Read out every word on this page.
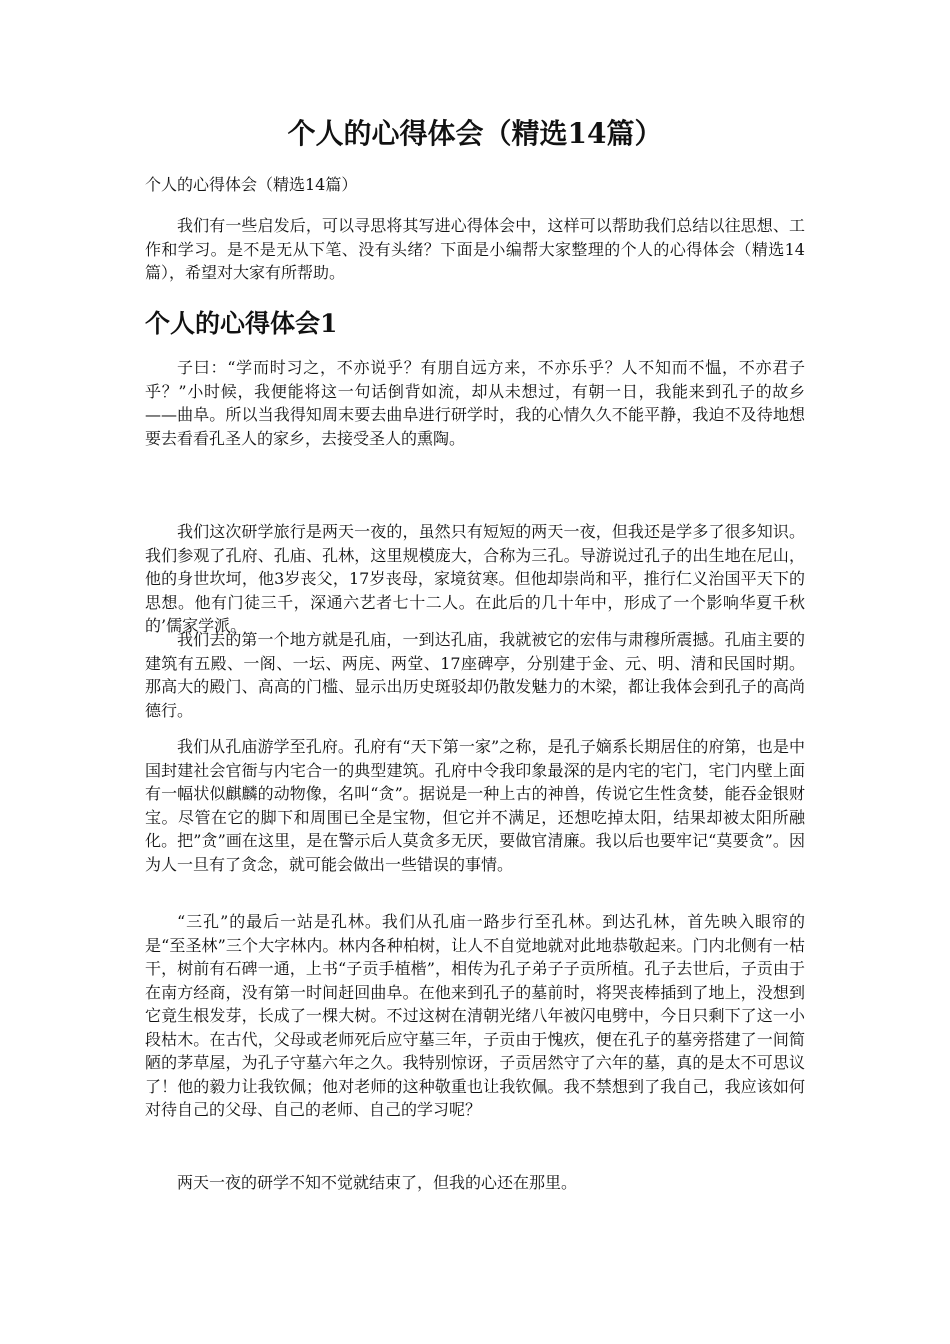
个人的心得体会（精选14篇）

个人的心得体会（精选14篇）

我们有一些启发后，可以寻思将其写进心得体会中，这样可以帮助我们总结以往思想、工作和学习。是不是无从下笔、没有头绪？下面是小编帮大家整理的个人的心得体会（精选14篇），希望对大家有所帮助。

个人的心得体会1

子曰：“学而时习之，不亦说乎？有朋自远方来，不亦乐乎？人不知而不愠，不亦君子乎？”小时候，我便能将这一句话倒背如流，却从未想过，有朝一日，我能来到孔子的故乡——曲阜。所以当我得知周末要去曲阜进行研学时，我的心情久久不能平静，我迫不及待地想要去看看孔圣人的家乡，去接受圣人的熏陶。

我们这次研学旅行是两天一夜的，虽然只有短短的两天一夜，但我还是学多了很多知识。我们参观了孔府、孔庙、孔林，这里规模庞大，合称为三孔。导游说过孔子的出生地在尼山，他的身世坎坷，他3岁丧父，17岁丧母，家境贫寒。但他却崇尚和平，推行仁义治国平天下的思想。他有门徒三千，深通六艺者七十二人。在此后的几十年中，形成了一个影响华夏千秋的’儒家学派。

我们去的第一个地方就是孔庙，一到达孔庙，我就被它的宏伟与肃穆所震撼。孔庙主要的建筑有五殿、一阁、一坛、两庑、两堂、17座碑亭，分别建于金、元、明、清和民国时期。那高大的殿门、高高的门槛、显示出历史斑驳却仍散发魅力的木梁，都让我体会到孔子的高尚德行。

我们从孔庙游学至孔府。孔府有“天下第一家”之称，是孔子嫡系长期居住的府第，也是中国封建社会官衙与内宅合一的典型建筑。孔府中令我印象最深的是内宅的宅门，宅门内壁上面有一幅状似麒麟的动物像，名叫“贪”。据说是一种上古的神兽，传说它生性贪婪，能吞金银财宝。尽管在它的脚下和周围已全是宝物，但它并不满足，还想吃掉太阳，结果却被太阳所融化。把”贪”画在这里，是在警示后人莫贪多无厌，要做官清廉。我以后也要牢记“莫要贪”。因为人一旦有了贪念，就可能会做出一些错误的事情。

“三孔”的最后一站是孔林。我们从孔庙一路步行至孔林。到达孔林，首先映入眼帘的是“至圣林”三个大字林内。林内各种柏树，让人不自觉地就对此地恭敬起来。门内北侧有一枯干，树前有石碑一通，上书“子贡手植楷”，相传为孔子弟子子贡所植。孔子去世后，子贡由于在南方经商，没有第一时间赶回曲阜。在他来到孔子的墓前时，将哭丧棒插到了地上，没想到它竟生根发芽，长成了一棵大树。不过这树在清朝光绪八年被闪电劈中，今日只剩下了这一小段枯木。在古代，父母或老师死后应守墓三年，子贡由于愧疚，便在孔子的墓旁搭建了一间简陋的茅草屋，为孔子守墓六年之久。我特别惊讶，子贡居然守了六年的墓，真的是太不可思议了！他的毅力让我钦佩；他对老师的这种敬重也让我钦佩。我不禁想到了我自己，我应该如何对待自己的父母、自己的老师、自己的学习呢？

两天一夜的研学不知不觉就结束了，但我的心还在那里。
